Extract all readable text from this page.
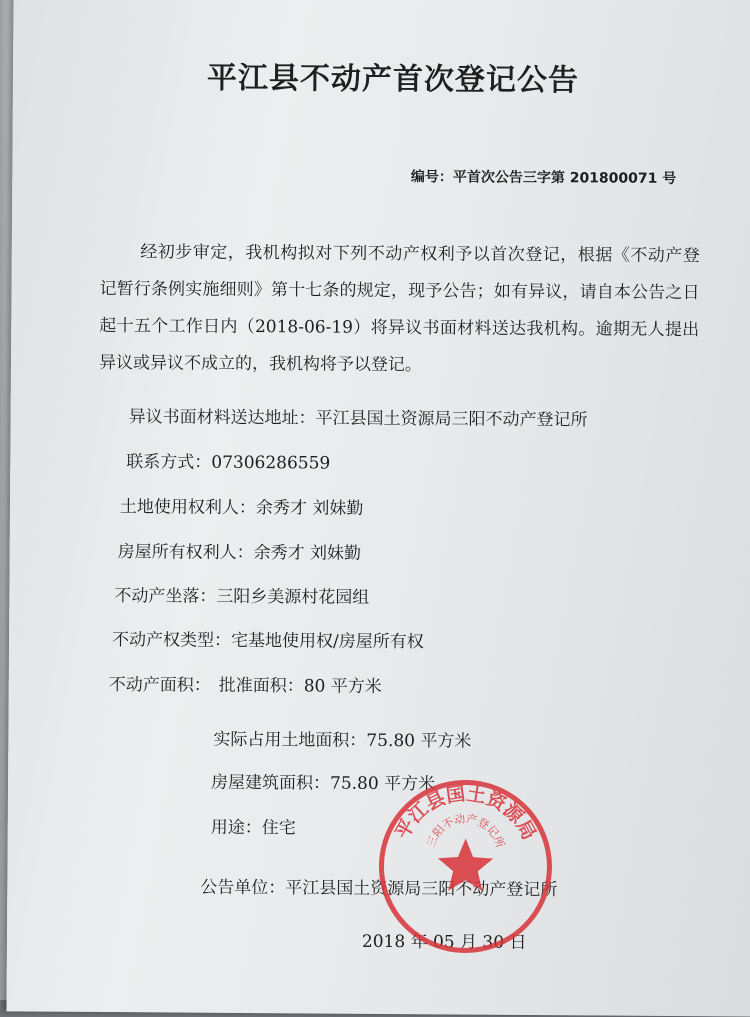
平江县不动产首次登记公告
编号：平首次公告三字第 201800071 号
经初步审定，我机构拟对下列不动产权利予以首次登记，根据《不动产登记暂行条例实施细则》第十七条的规定，现予公告；如有异议，请自本公告之日起十五个工作日内（2018-06-19）将异议书面材料送达我机构。逾期无人提出异议或异议不成立的，我机构将予以登记。
异议书面材料送达地址：平江县国土资源局三阳不动产登记所
联系方式：07306286559
土地使用权利人：余秀才 刘妹勤
房屋所有权利人：余秀才 刘妹勤
不动产坐落：三阳乡美源村花园组
不动产权类型：宅基地使用权/房屋所有权
不动产面积： 批准面积：80 平方米
实际占用土地面积：75.80 平方米
房屋建筑面积：75.80 平方米
用途：住宅
公告单位：平江县国土资源局三阳不动产登记所
2018 年 05 月 30 日
平江县国土资源局
三阳不动产登记所
